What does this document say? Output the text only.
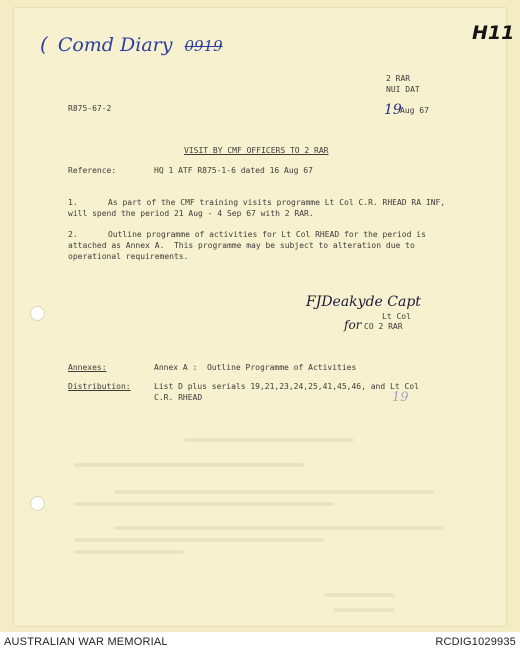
( Comd Diary 0919
H11
2 RAR
NUI DAT
R875-67-2	19
Aug 67
VISIT BY CMF OFFICERS TO 2 RAR
Reference:	HQ 1 ATF R875-1-6 dated 16 Aug 67
1.	As part of the CMF training visits programme Lt Col C.R. RHEAD RA INF,
will spend the period 21 Aug - 4 Sep 67 with 2 RAR.
2.	Outline programme of activities for Lt Col RHEAD for the period is
attached as Annex A.  This programme may be subject to alteration due to
operational requirements.
FJDeakyde Capt
Lt Col
for CO 2 RAR
Annexes:	Annex A :  Outline Programme of Activities
Distribution:	List D plus serials 19,21,23,24,25,41,45,46, and Lt Col
C.R. RHEAD	19
AUSTRALIAN WAR MEMORIAL	RCDIG1029935
